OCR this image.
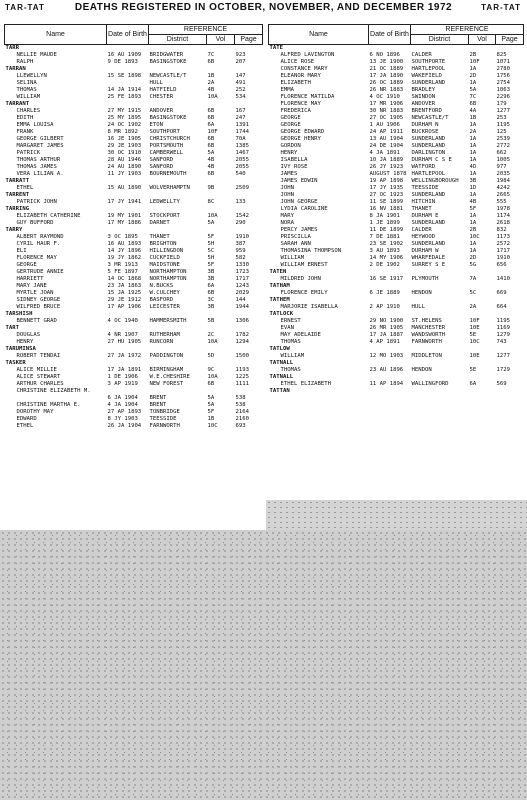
TAR-TAT	DEATHS REGISTERED IN OCTOBER, NOVEMBER, AND DECEMBER 1972	TAR-TAT
Name	Date of Birth	REFERENCE		
		District	Vol	Page
TARR				
NELLIE MAUDE	16 AU 1909	BRIDGWATER	7C	923
RALPH	9 DE 1893	BASINGSTOKE	6B	207
TARRAN				
LLEWELLYN	15 SE 1898	NEWCASTLE/T	1B	147
SELINA		HULL	2A	491
THOMAS	14 JA 1914	HATFIELD	4B	252
WILLIAM	25 FE 1893	CHESTER	10A	534
TARRANT				
CHARLES	27 MY 1915	ANDOVER	6B	167
EDITH	25 MY 1895	BASINGSTOKE	6B	247
EMMA LOUISA	24 OC 1902	ETON	6A	1391
FRANK	8 MR 1892	SOUTHPORT	10F	1744
GEORGE GILBERT	16 JE 1905	CHRISTCHURCH	6B	70A
MARGARET JAMES	29 JE 1903	PORTSMOUTH	6B	1385
PATRICK	30 OC 1910	CAMBERWELL	5A	1467
THOMAS ARTHUR	28 AU 1946	SANFORD	4B	2055
THOMAS JAMES	24 AU 1890	SANFORD	4B	2055
VERA LILIAN A.	11 JY 1903	BOURNEMOUTH	6B	540
TARRATT				
ETHEL	15 AU 1890	WOLVERHAMPTN	9B	2509
TARRENT				
PATRICK JOHN	17 JY 1941	LEDWELLTY	8C	133
TARRING				
ELIZABETH CATHERINE	19 MY 1901	STOCKPORT	10A	1542
GUY BUFFORD	17 MY 1886	DARNET	5A	290
TARRY				
ALBERT RAYMOND	3 OC 1895	THANET	5F	1910
CYRIL HAUR F.	16 AU 1893	BRIGHTON	5H	387
ELI	14 JY 1896	HILLINGDON	5C	959
FLORENCE MAY	19 JY 1862	CUCKFIELD	5H	582
GEORGE	3 MR 1913	MAIDSTONE	5F	1330
GERTRUDE ANNIE	5 FE 1897	NORTHAMPTON	3B	1723
HARRIETT	14 OC 1868	NORTHAMPTON	3B	1717
MARY JANE	23 JA 1863	N.BUCKS	6A	1243
MYRTLE JOAN	15 JA 1925	W.CULCHEY	6B	2029
SIDNEY GEORGE	29 JE 1912	BASFORD	3C	144
WILFRED BRUCE	17 AP 1906	LEICESTER	3B	1944
TARSHISH				
BENNETT GRAD	4 OC 1940	HAMMERSMITH	5B	1306
TART				
DOUGLAS	4 NR 1907	RUTHERHAM	2C	1782
HENRY	27 HU 1905	RUNCORN	10A	1294
TARUMINSA				
ROBERT TENDAI	27 JA 1972	PADDINGTON	5D	1500
TASKER				
ALICE MILLIE	17 JA 1891	BIRMINGHAM	9C	1193
ALICE STEWART	1 DE 1906	W.E.CHESHIRE	10A	1225
ARTHUR CHARLES	3 AP 1919	NEW FOREST	6B	1111
CHRISTINE ELIZABETH M.				
	6 JA 1904	BRENT	5A	538
CHRISTINE MARTHA E.	4 JA 1904	BRENT	5A	538
DOROTHY MAY	27 AP 1893	TONBRIDGE	5F	2164
EDWARD	8 JY 1903	TEESSIDE	1B	2160
ETHEL	26 JA 1904	FARNWORTH	10C	693
Name	Date of Birth	REFERENCE		
		District	Vol	Page
TATE				
ALFRED LAVINGTON	6 NO 1896	CALDER	2B	825
ALICE ROSE	13 JE 1900	SOUTHPORTE	10F	1071
CONSTANCE MARY	21 OC 1889	HARTLEPOOL	1A	2780
ELEANOR MARY	17 JA 1890	WAKEFIELD	2D	1756
ELIZABETH	26 OC 1889	SUNDERLAND	1A	2754
EMMA	26 NR 1883	BRADLEY	5A	1063
FLORENCE MATILDA	4 OC 1910	SWINDON	7C	2296
FLORENCE MAY	17 MR 1906	ANDOVER	6B	179
FREDERICA	30 NR 1883	BRENTFORD	4A	1277
GEORGE	27 OC 1905	NEWCASTLE/T	1B	253

GEORGE	1 AU 1906	DURHAM N	1A	1195
GEORGE EDWARD	24 AP 1911	BUCKROSE	2A	125
GEORGE HENRY	13 AU 1904	SUNDERLAND	1A	2539
GORDON	24 DE 1904	SUNDERLAND	1A	2772
HENRY	4 JA 1891	DARLINGTON	1A	662
ISABELLA	10 JA 1889	DURHAM C S E	1A	1005
IVY ROSE	26 JY 1923	WATFORD	4D	977
JAMES	AUGUST 1878	HARTLEPOOL	1A	2035
JAMES EDWIN	19 AP 1898	WELLINGBOROUGH	3B	1984
JOHN	17 JY 1935	TEESSIDE	1D	4242

JOHN	27 OC 1923	SUNDERLAND	1A	2665
JOHN GEORGE	11 SE 1899	HITCHIN	4B	555
LYDIA CAROLINE	16 NV 1881	THANET	5F	1978
MARY	8 JA 1901	DURHAM E	1A	1174
NORA	1 JE 1899	SUNDERLAND	1A	2618
PERCY JAMES	11 DE 1899	CALDER	2B	832
PRISCILLA	7 DE 1881	HEYWOOD	10C	1173
SARAH ANN	23 SE 1902	SUNDERLAND	1A	2572
THOMASINA THOMPSON	3 AU 1893	DURHAM W	1A	1717
WILLIAM	14 MY 1906	WHARFEDALE	2D	1910
WILLIAM ERNEST	2 DE 1902	SURREY S E	5G	656
TATEN				
MILDRED JOHN	16 SE 1917	PLYMOUTH	7A	1410
TATHAM				
FLORENCE EMILY	6 JE 1889	HENDON	5C	669
TATHEM				
MARJORIE ISABELLA	2 AP 1910	HULL	2A	664
TATLOCK				
ERNEST	29 NO 1900	ST.HELENS	10F	1195
EVAN	26 MR 1905	MANCHESTER	10E	1169
MAY ADELAIDE	17 JA 1887	WANDSWORTH	5E	1279
THOMAS	4 AP 1891	FARNWORTH	10C	743
TATLOW				
WILLIAM	12 MO 1903	MIDDLETON	10E	1277
TATNALL				
THOMAS	23 AU 1896	HENDON	5E	1729
TATNALL				
ETHEL ELIZABETH	11 AP 1894	WALLINGFORD	6A	569
TATTAN				
